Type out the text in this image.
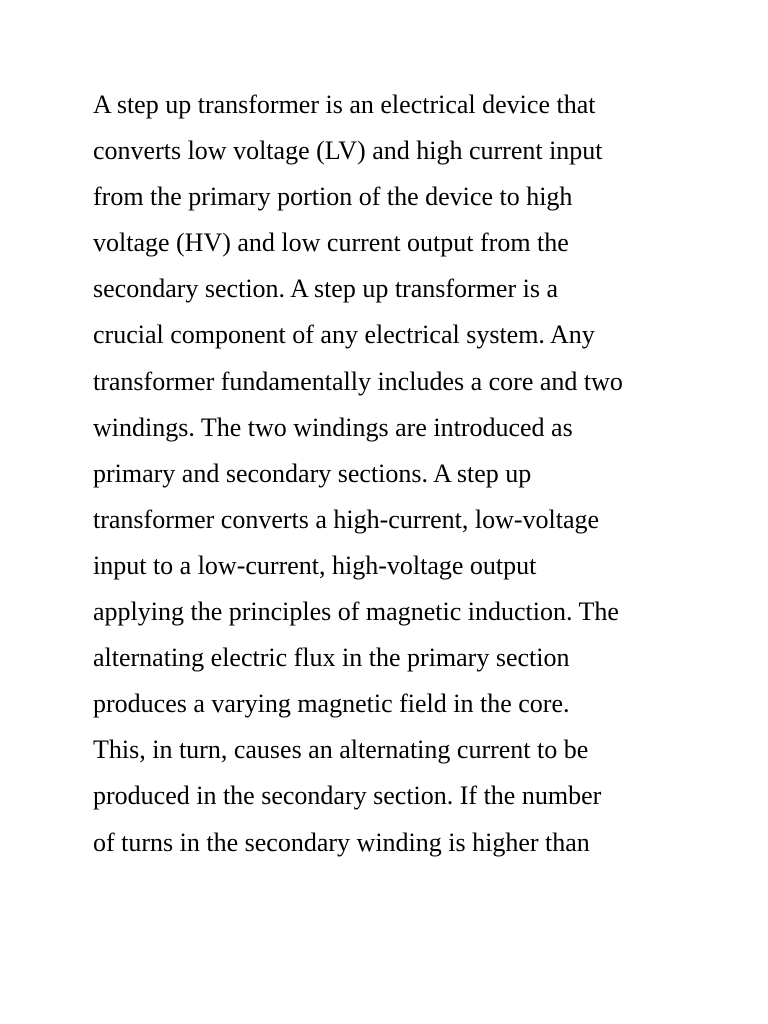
A step up transformer is an electrical device that
converts low voltage (LV) and high current input
from the primary portion of the device to high
voltage (HV) and low current output from the
secondary section. A step up transformer is a
crucial component of any electrical system. Any
transformer fundamentally includes a core and two
windings. The two windings are introduced as
primary and secondary sections. A step up
transformer converts a high-current, low-voltage
input to a low-current, high-voltage output
applying the principles of magnetic induction. The
alternating electric flux in the primary section
produces a varying magnetic field in the core.
This, in turn, causes an alternating current to be
produced in the secondary section. If the number
of turns in the secondary winding is higher than
